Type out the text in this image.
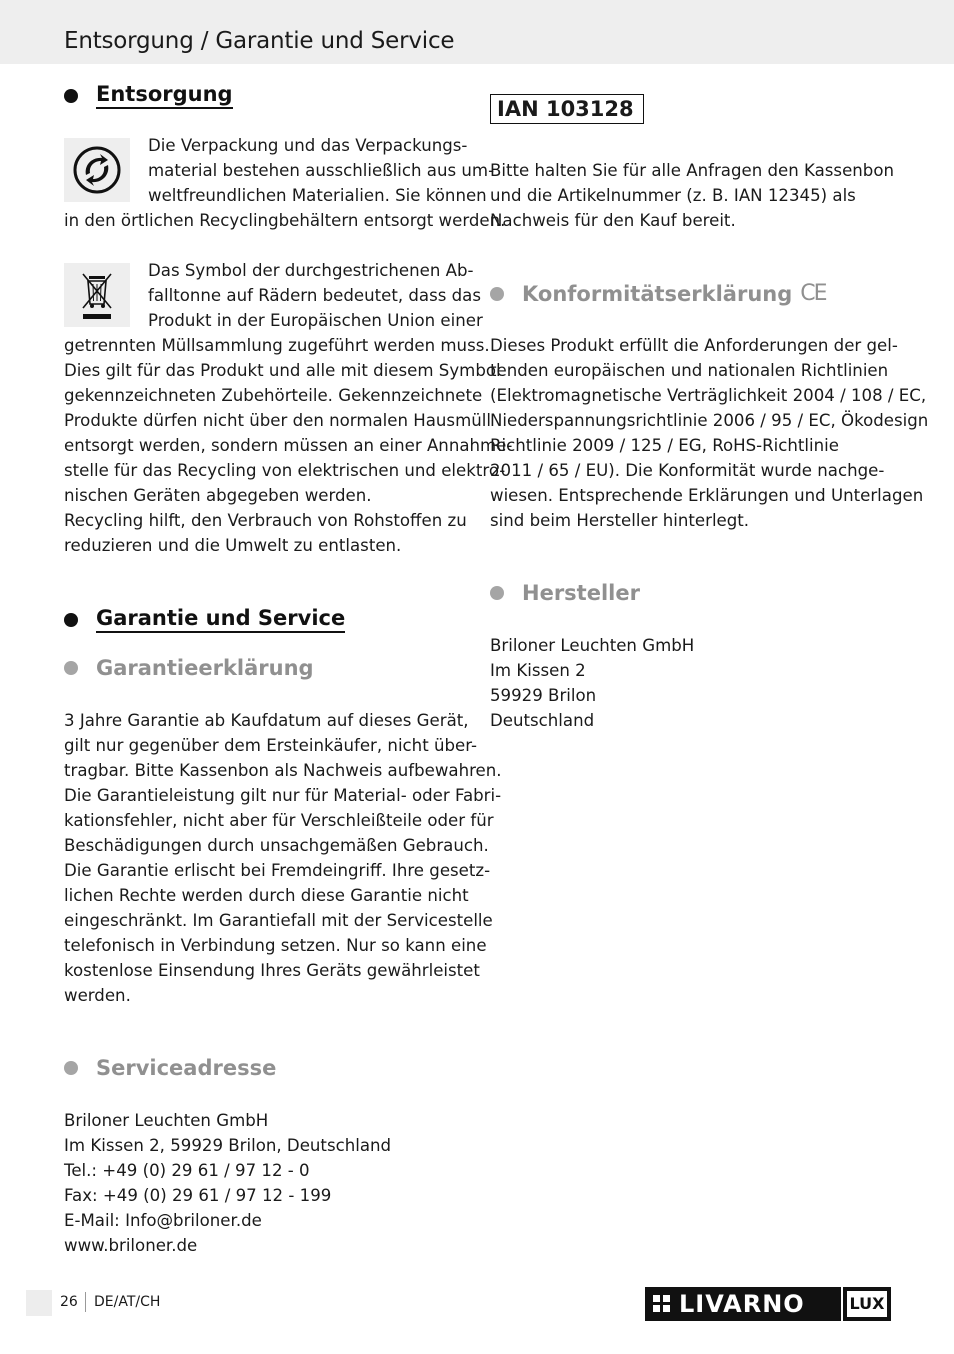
Entsorgung / Garantie und Service
Entsorgung
Die Verpackung und das Verpackungs-
material bestehen ausschließlich aus um-
weltfreundlichen Materialien. Sie können
in den örtlichen Recyclingbehältern entsorgt werden.
Das Symbol der durchgestrichenen Ab-
falltonne auf Rädern bedeutet, dass das
Produkt in der Europäischen Union einer
getrennten Müllsammlung zugeführt werden muss.
Dies gilt für das Produkt und alle mit diesem Symbol
gekennzeichneten Zubehörteile. Gekennzeichnete
Produkte dürfen nicht über den normalen Hausmüll
entsorgt werden, sondern müssen an einer Annahme-
stelle für das Recycling von elektrischen und elektro-
nischen Geräten abgegeben werden.
Recycling hilft, den Verbrauch von Rohstoffen zu
reduzieren und die Umwelt zu entlasten.
Garantie und Service
Garantieerklärung
3 Jahre Garantie ab Kaufdatum auf dieses Gerät,
gilt nur gegenüber dem Ersteinkäufer, nicht über-
tragbar. Bitte Kassenbon als Nachweis aufbewahren.
Die Garantieleistung gilt nur für Material- oder Fabri-
kationsfehler, nicht aber für Verschleißteile oder für
Beschädigungen durch unsachgemäßen Gebrauch.
Die Garantie erlischt bei Fremdeingriff. Ihre gesetz-
lichen Rechte werden durch diese Garantie nicht
eingeschränkt. Im Garantiefall mit der Servicestelle
telefonisch in Verbindung setzen. Nur so kann eine
kostenlose Einsendung Ihres Geräts gewährleistet
werden.
Serviceadresse
Briloner Leuchten GmbH
Im Kissen 2, 59929 Brilon, Deutschland
Tel.: +49 (0) 29 61 / 97 12 - 0
Fax: +49 (0) 29 61 / 97 12 - 199
E-Mail: Info@briloner.de
www.briloner.de
IAN 103128
Bitte halten Sie für alle Anfragen den Kassenbon
und die Artikelnummer (z. B. IAN 12345) als
Nachweis für den Kauf bereit.
Konformitätserklärung CE
Dieses Produkt erfüllt die Anforderungen der gel-
tenden europäischen und nationalen Richtlinien
(Elektromagnetische Verträglichkeit 2004 / 108 / EC,
Niederspannungsrichtlinie 2006 / 95 / EC, Ökodesign
Richtlinie 2009 / 125 / EG, RoHS-Richtlinie
2011 / 65 / EU). Die Konformität wurde nachge-
wiesen. Entsprechende Erklärungen und Unterlagen
sind beim Hersteller hinterlegt.
Hersteller
Briloner Leuchten GmbH
Im Kissen 2
59929 Brilon
Deutschland
26 DE/AT/CH	LIVARNO	LUX
